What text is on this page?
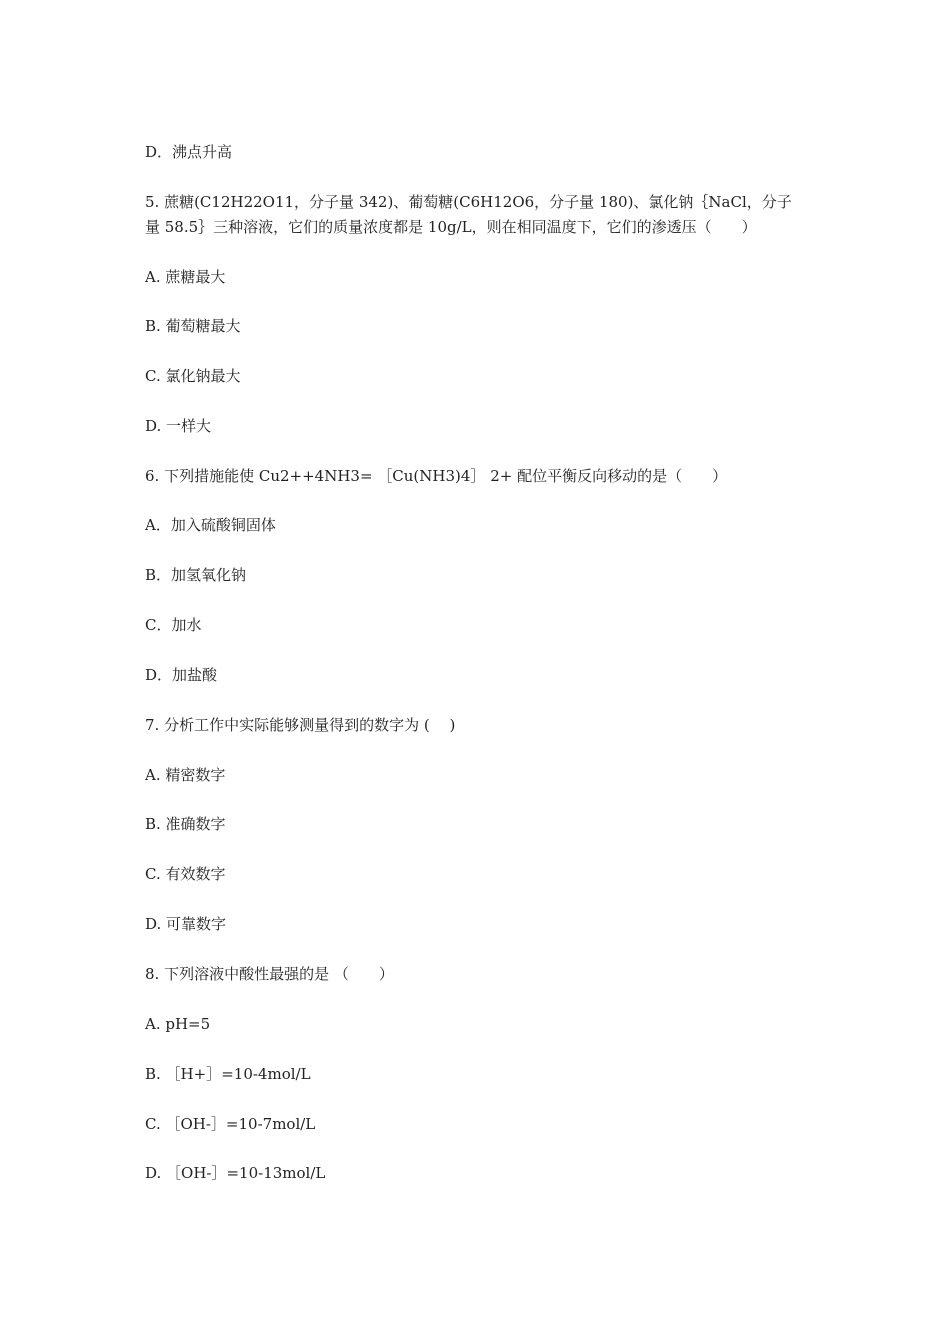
D．沸点升高
5. 蔗糖(C12H22O11，分子量 342)、葡萄糖(C6H12O6，分子量 180)、氯化钠｛NaCl，分子
量 58.5｝三种溶液，它们的质量浓度都是 10g/L，则在相同温度下，它们的渗透压（　　）
A. 蔗糖最大
B. 葡萄糖最大
C. 氯化钠最大
D. 一样大
6. 下列措施能使 Cu2++4NH3= ［Cu(NH3)4］ 2+ 配位平衡反向移动的是（　　）
A．加入硫酸铜固体
B．加氢氧化钠
C．加水
D．加盐酸
7. 分析工作中实际能够测量得到的数字为 (　 )
A. 精密数字
B. 准确数字
C. 有效数字
D. 可靠数字
8. 下列溶液中酸性最强的是 （　　）
A. pH=5
B. ［H+］=10-4mol/L
C. ［OH-］=10-7mol/L
D. ［OH-］=10-13mol/L
